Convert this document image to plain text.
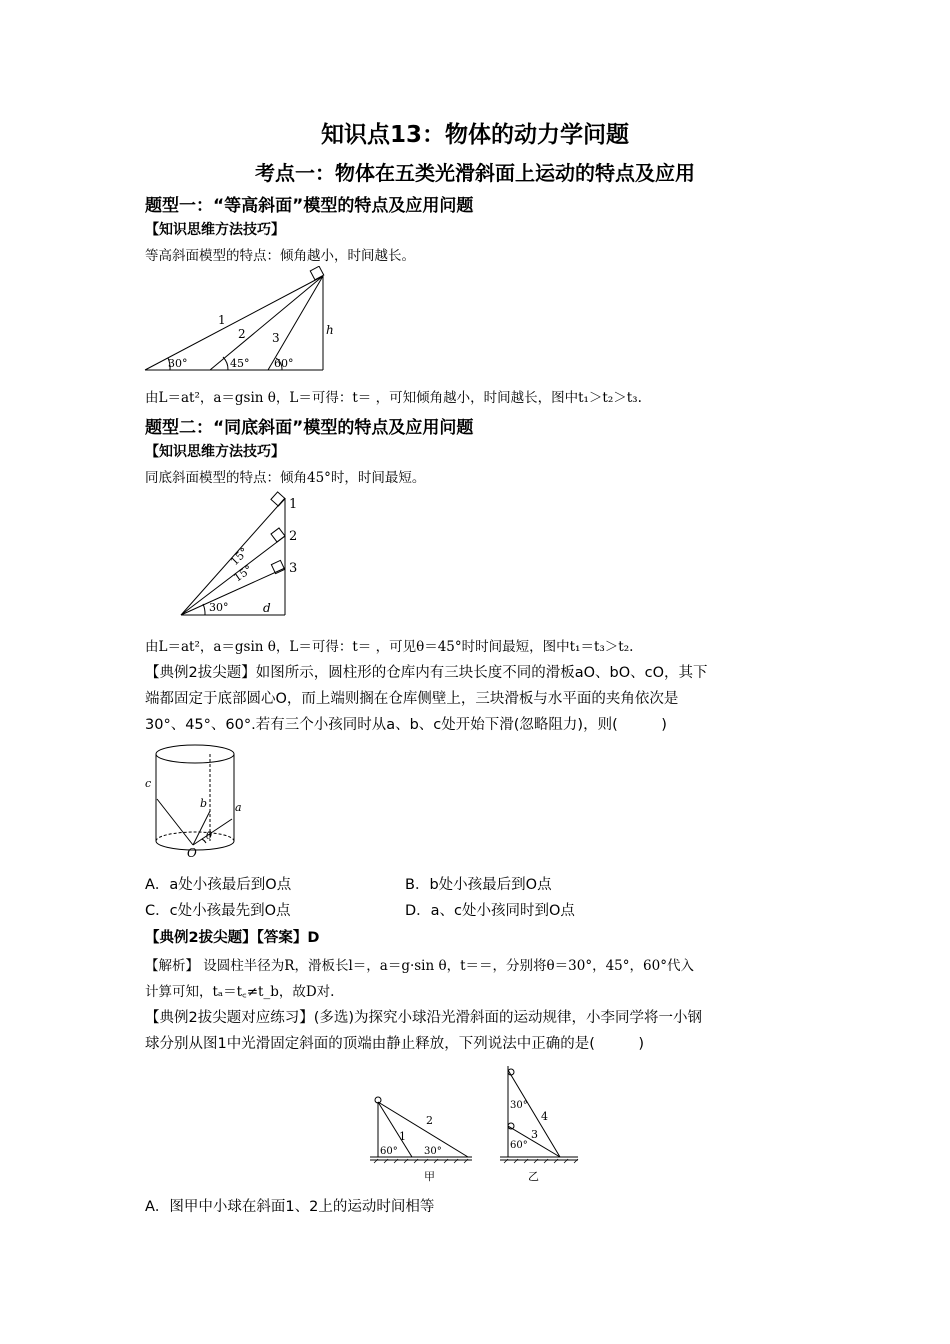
知识点13：物体的动力学问题
考点一：物体在五类光滑斜面上运动的特点及应用
题型一：“等高斜面”模型的特点及应用问题
【知识思维方法技巧】
等高斜面模型的特点：倾角越小，时间越长。
1
2 3
h
30°	45° 60°
由L＝at²，a＝gsin θ，L＝可得：t＝ ，可知倾角越小，时间越长，图中t₁＞t₂＞t₃.
题型二：“同底斜面”模型的特点及应用问题
【知识思维方法技巧】
同底斜面模型的特点：倾角45°时，时间最短。
1
2
3
d
15°
15°
30°
由L＝at²，a＝gsin θ，L＝可得：t＝ ，可见θ＝45°时时间最短，图中t₁＝t₃＞t₂.
【典例2拔尖题】如图所示，圆柱形的仓库内有三块长度不同的滑板aO、bO、cO，其下
端都固定于底部圆心O，而上端则搁在仓库侧壁上，三块滑板与水平面的夹角依次是
30°、45°、60°.若有三个小孩同时从a、b、c处开始下滑(忽略阻力)，则(　　　)
c
b	a
θ
O
A．a处小孩最后到O点	B．b处小孩最后到O点
C．c处小孩最先到O点	D．a、c处小孩同时到O点
【典例2拔尖题】【答案】D
【解析】 设圆柱半径为R，滑板长l＝，a＝g·sin θ，t＝＝，分别将θ＝30°，45°，60°代入
计算可知，tₐ＝t꜀≠t_b，故D对.
【典例2拔尖题对应练习】(多选)为探究小球沿光滑斜面的运动规律，小李同学将一小钢
球分别从图1中光滑固定斜面的顶端由静止释放，下列说法中正确的是(　　　)
1
2
60°	30°
甲
4
3
30°
60°
乙
A．图甲中小球在斜面1、2上的运动时间相等
